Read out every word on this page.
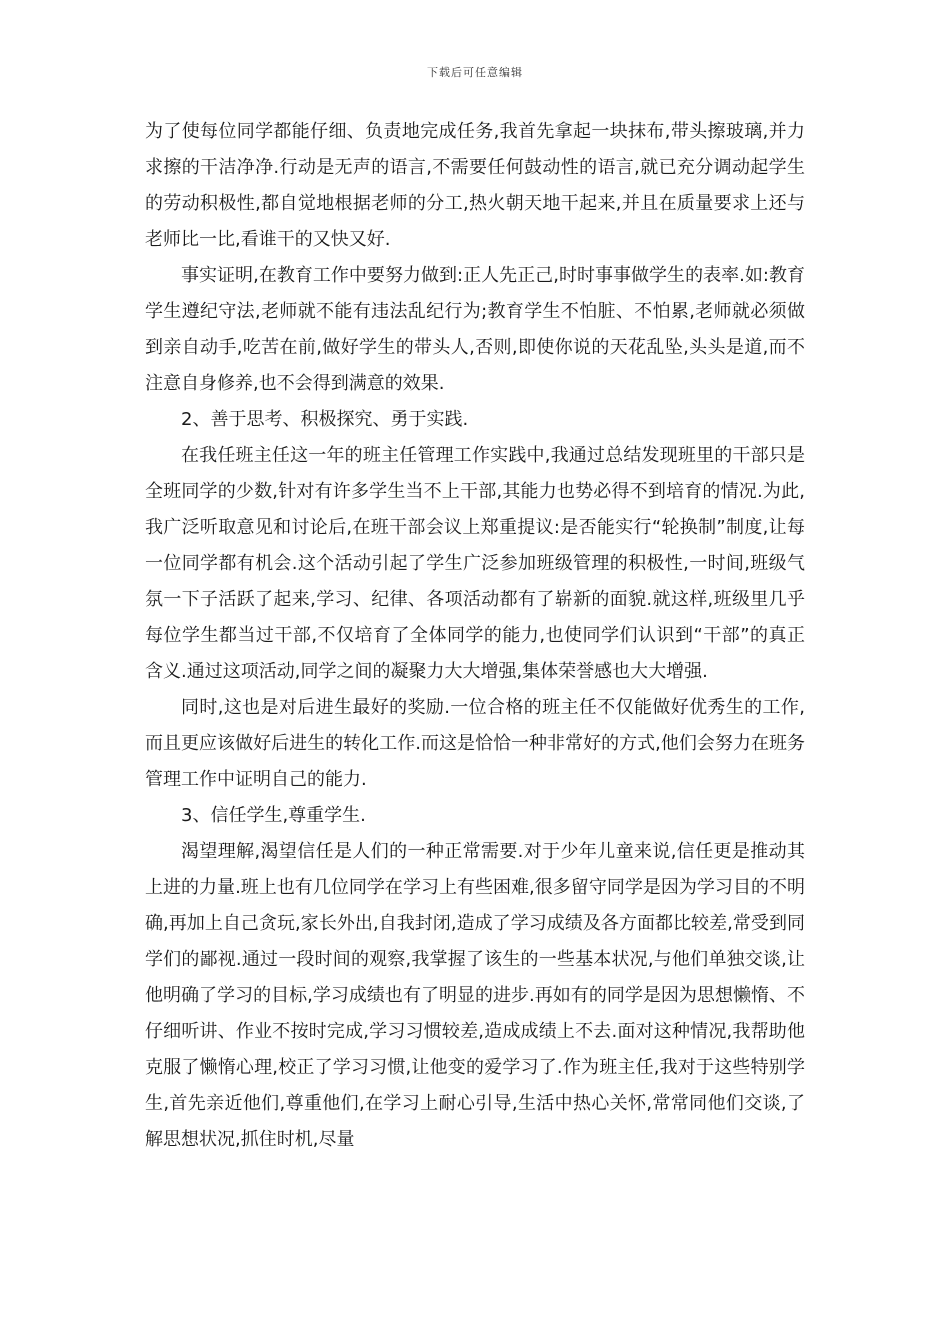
下载后可任意编辑

为了使每位同学都能仔细、负责地完成任务,我首先拿起一块抹布,带头擦玻璃,并力求擦的干洁净净.行动是无声的语言,不需要任何鼓动性的语言,就已充分调动起学生的劳动积极性,都自觉地根据老师的分工,热火朝天地干起来,并且在质量要求上还与老师比一比,看谁干的又快又好.

事实证明,在教育工作中要努力做到:正人先正己,时时事事做学生的表率.如:教育学生遵纪守法,老师就不能有违法乱纪行为;教育学生不怕脏、不怕累,老师就必须做到亲自动手,吃苦在前,做好学生的带头人,否则,即使你说的天花乱坠,头头是道,而不注意自身修养,也不会得到满意的效果.

2、善于思考、积极探究、勇于实践.

在我任班主任这一年的班主任管理工作实践中,我通过总结发现班里的干部只是全班同学的少数,针对有许多学生当不上干部,其能力也势必得不到培育的情况.为此,我广泛听取意见和讨论后,在班干部会议上郑重提议:是否能实行“轮换制”制度,让每一位同学都有机会.这个活动引起了学生广泛参加班级管理的积极性,一时间,班级气氛一下子活跃了起来,学习、纪律、各项活动都有了崭新的面貌.就这样,班级里几乎每位学生都当过干部,不仅培育了全体同学的能力,也使同学们认识到“干部”的真正含义.通过这项活动,同学之间的凝聚力大大增强,集体荣誉感也大大增强.

同时,这也是对后进生最好的奖励.一位合格的班主任不仅能做好优秀生的工作,而且更应该做好后进生的转化工作.而这是恰恰一种非常好的方式,他们会努力在班务管理工作中证明自己的能力.

3、信任学生,尊重学生.

渴望理解,渴望信任是人们的一种正常需要.对于少年儿童来说,信任更是推动其上进的力量.班上也有几位同学在学习上有些困难,很多留守同学是因为学习目的不明确,再加上自己贪玩,家长外出,自我封闭,造成了学习成绩及各方面都比较差,常受到同学们的鄙视.通过一段时间的观察,我掌握了该生的一些基本状况,与他们单独交谈,让他明确了学习的目标,学习成绩也有了明显的进步.再如有的同学是因为思想懒惰、不仔细听讲、作业不按时完成,学习习惯较差,造成成绩上不去.面对这种情况,我帮助他克服了懒惰心理,校正了学习习惯,让他变的爱学习了.作为班主任,我对于这些特别学生,首先亲近他们,尊重他们,在学习上耐心引导,生活中热心关怀,常常同他们交谈,了解思想状况,抓住时机,尽量
